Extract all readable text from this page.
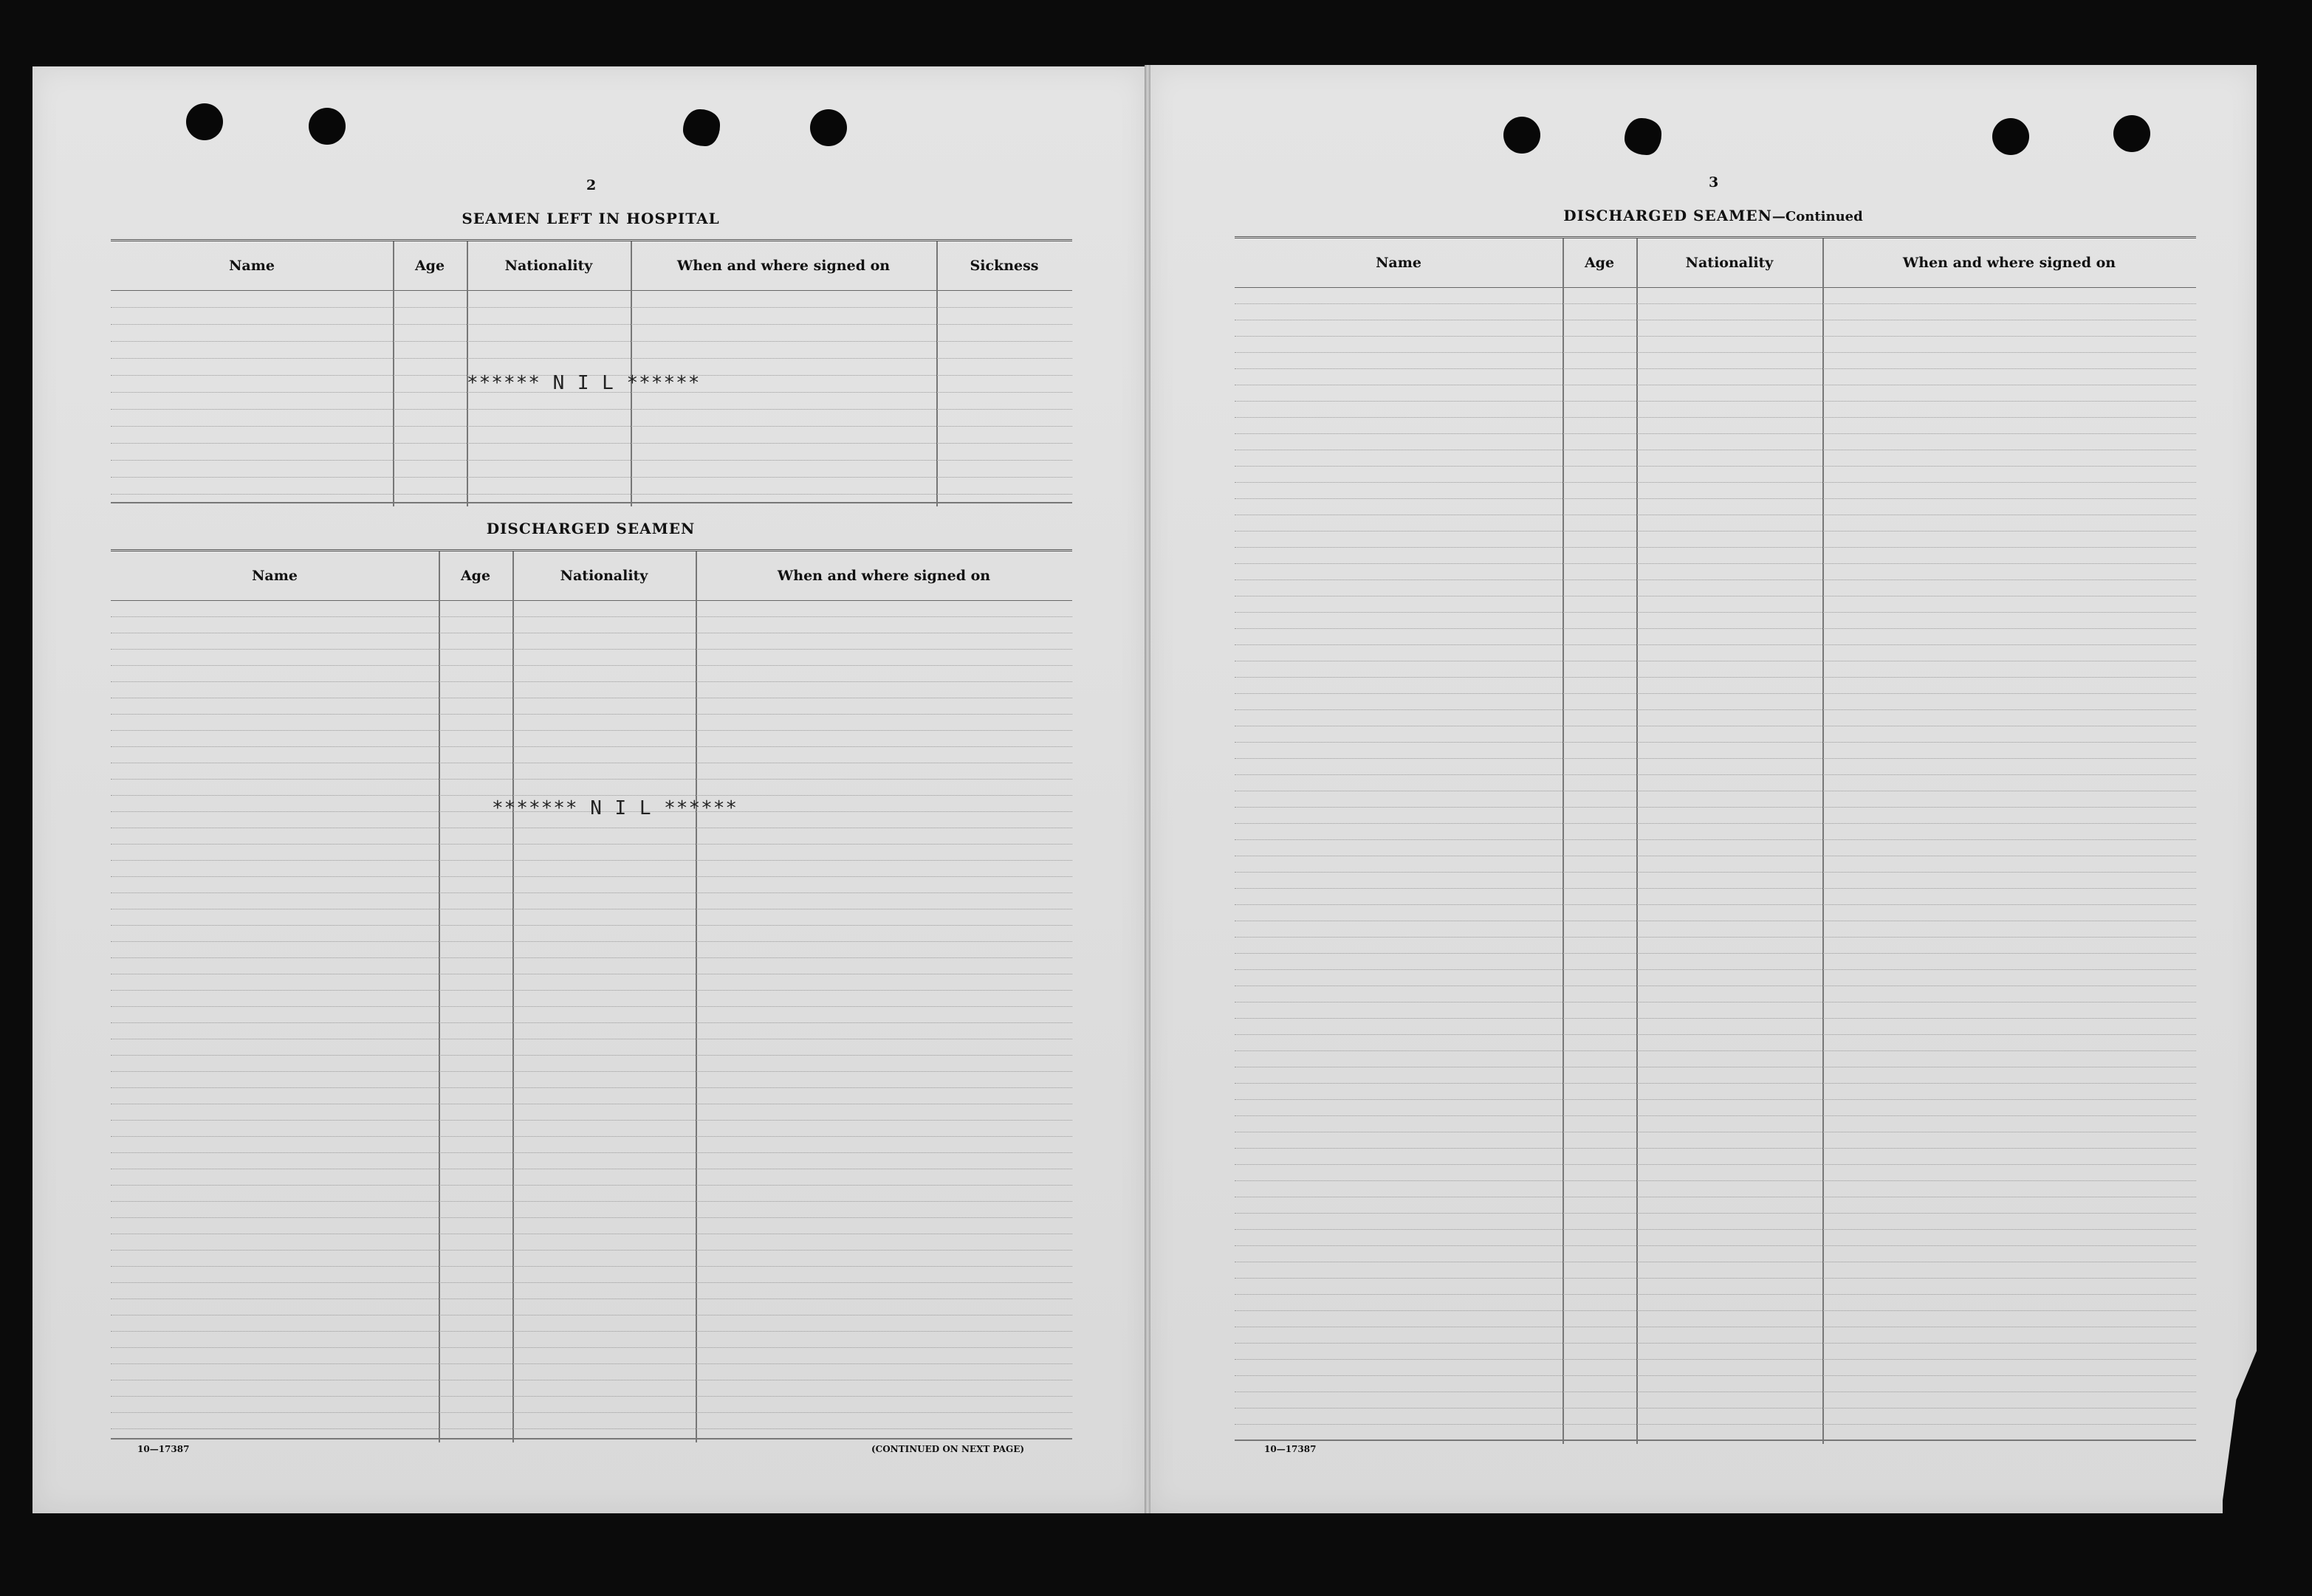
2
SEAMEN LEFT IN HOSPITAL
Name	Age	Nationality	When and where signed on	Sickness
****** N I L ******
DISCHARGED SEAMEN
Name	Age	Nationality	When and where signed on
******* N I L ******
10—17387	(CONTINUED ON NEXT PAGE)
3
DISCHARGED SEAMEN—Continued
Name	Age	Nationality	When and where signed on
10—17387
